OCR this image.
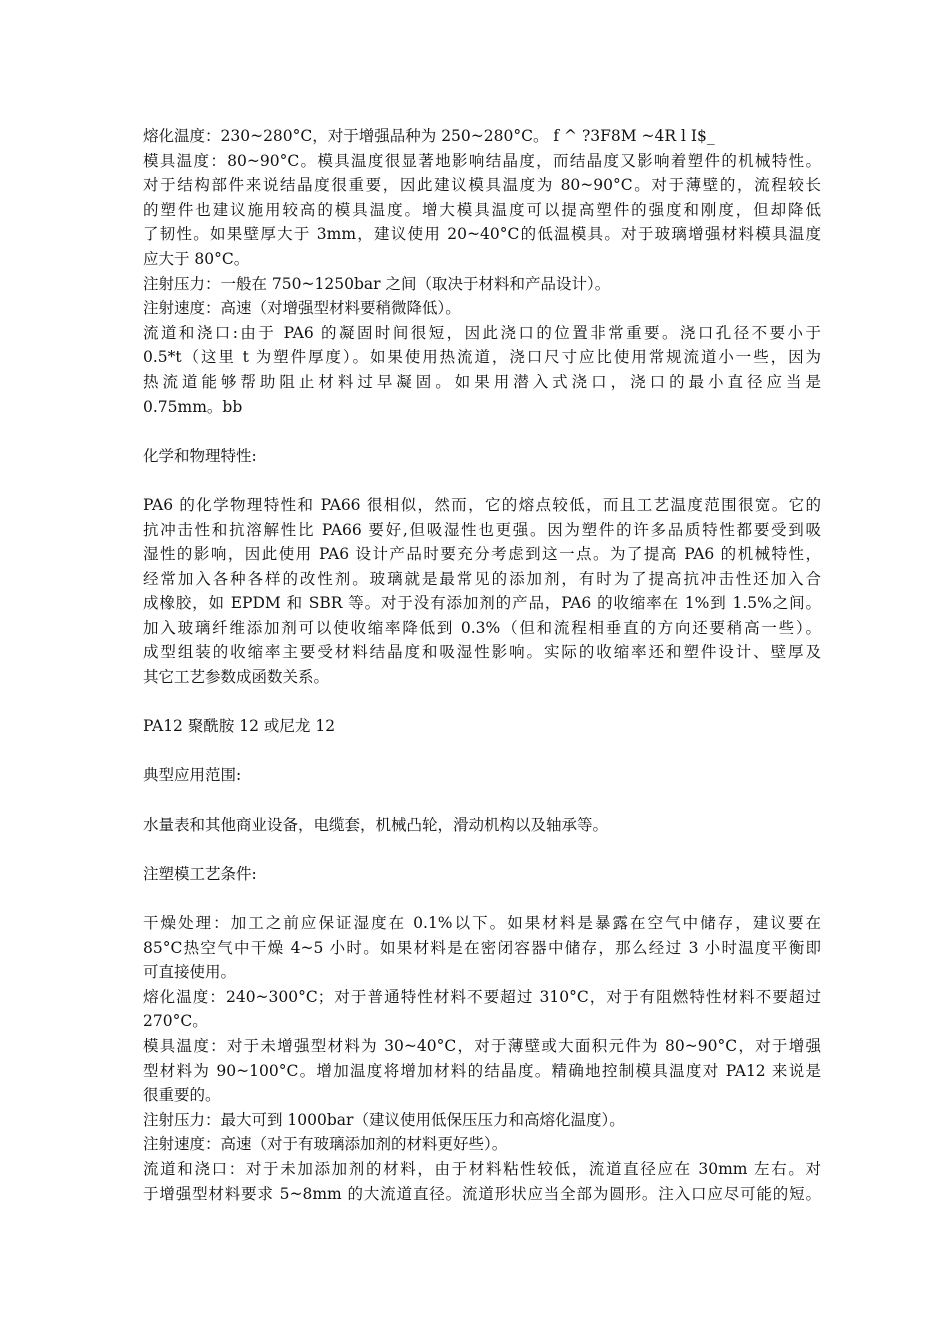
熔化温度：230~280°C，对于增强品种为 250~280°C。 f ^ ?3F8M ~4R l I$_
模具温度：80~90°C。模具温度很显著地影响结晶度，而结晶度又影响着塑件的机械特性。
对于结构部件来说结晶度很重要，因此建议模具温度为 80~90°C。对于薄壁的，流程较长
的塑件也建议施用较高的模具温度。增大模具温度可以提高塑件的强度和刚度，但却降低
了韧性。如果壁厚大于 3mm，建议使用 20~40°C的低温模具。对于玻璃增强材料模具温度
应大于 80°C。
注射压力：一般在 750~1250bar 之间（取决于材料和产品设计）。
注射速度：高速（对增强型材料要稍微降低）。
流道和浇口:由于 PA6 的凝固时间很短，因此浇口的位置非常重要。浇口孔径不要小于
0.5*t（这里 t 为塑件厚度）。如果使用热流道，浇口尺寸应比使用常规流道小一些，因为
热流道能够帮助阻止材料过早凝固。如果用潜入式浇口，浇口的最小直径应当是
0.75mm。bb
化学和物理特性:
PA6 的化学物理特性和 PA66 很相似，然而，它的熔点较低，而且工艺温度范围很宽。它的
抗冲击性和抗溶解性比 PA66 要好,但吸湿性也更强。因为塑件的许多品质特性都要受到吸
湿性的影响，因此使用 PA6 设计产品时要充分考虑到这一点。为了提高 PA6 的机械特性，
经常加入各种各样的改性剂。玻璃就是最常见的添加剂，有时为了提高抗冲击性还加入合
成橡胶，如 EPDM 和 SBR 等。对于没有添加剂的产品，PA6 的收缩率在 1%到 1.5%之间。
加入玻璃纤维添加剂可以使收缩率降低到 0.3%（但和流程相垂直的方向还要稍高一些）。
成型组装的收缩率主要受材料结晶度和吸湿性影响。实际的收缩率还和塑件设计、壁厚及
其它工艺参数成函数关系。
PA12 聚酰胺 12 或尼龙 12
典型应用范围:
水量表和其他商业设备，电缆套，机械凸轮，滑动机构以及轴承等。
注塑模工艺条件:
干燥处理：加工之前应保证湿度在 0.1%以下。如果材料是暴露在空气中储存，建议要在
85°C热空气中干燥 4~5 小时。如果材料是在密闭容器中储存，那么经过 3 小时温度平衡即
可直接使用。
熔化温度：240~300°C；对于普通特性材料不要超过 310°C，对于有阻燃特性材料不要超过
270°C。
模具温度：对于未增强型材料为 30~40°C，对于薄壁或大面积元件为 80~90°C，对于增强
型材料为 90~100°C。增加温度将增加材料的结晶度。精确地控制模具温度对 PA12 来说是
很重要的。
注射压力：最大可到 1000bar（建议使用低保压压力和高熔化温度）。
注射速度：高速（对于有玻璃添加剂的材料更好些）。
流道和浇口：对于未加添加剂的材料，由于材料粘性较低，流道直径应在 30mm 左右。对
于增强型材料要求 5~8mm 的大流道直径。流道形状应当全部为圆形。注入口应尽可能的短。
